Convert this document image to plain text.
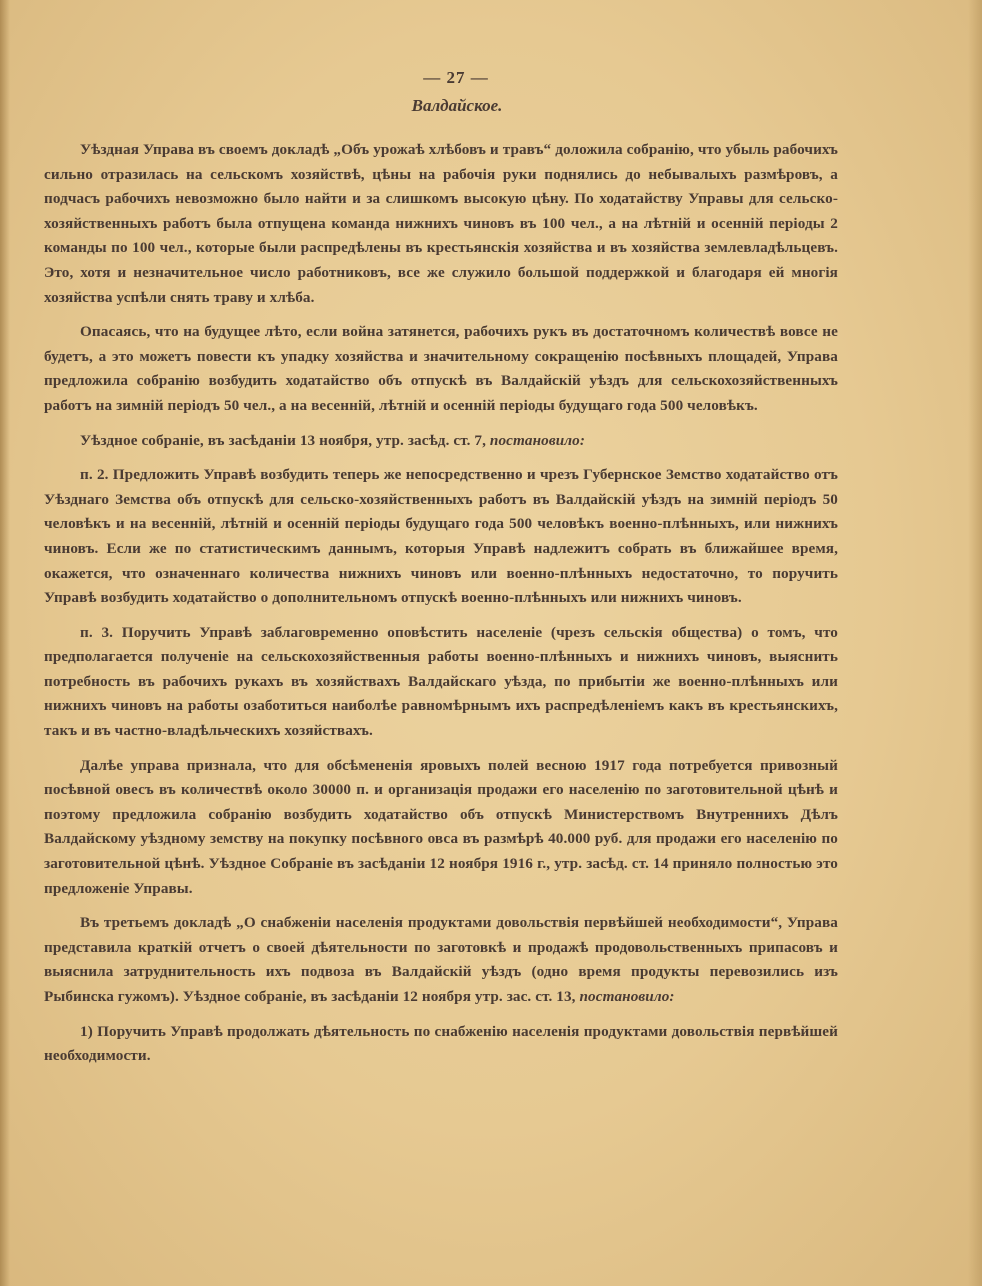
— 27 —
Валдайское.

Уѣздная Управа въ своемъ докладѣ „Объ урожаѣ хлѣбовъ и травъ“ доложила собранію, что убыль рабочихъ сильно отразилась на сельскомъ хозяйствѣ, цѣны на рабочія руки поднялись до небывалыхъ размѣровъ, а подчасъ рабочихъ невозможно было найти и за слишкомъ высокую цѣну. По ходатайству Управы для сельско-хозяйственныхъ работъ была отпущена команда нижнихъ чиновъ въ 100 чел., а на лѣтній и осенній періоды 2 команды по 100 чел., которые были распредѣлены въ крестьянскія хозяйства и въ хозяйства землевладѣльцевъ. Это, хотя и незначительное число работниковъ, все же служило большой поддержкой и благодаря ей многія хозяйства успѣли снять траву и хлѣба.

Опасаясь, что на будущее лѣто, если война затянется, рабочихъ рукъ въ достаточномъ количествѣ вовсе не будетъ, а это можетъ повести къ упадку хозяйства и значительному сокращенію посѣвныхъ площадей, Управа предложила собранію возбудить ходатайство объ отпускѣ въ Валдайскій уѣздъ для сельскохозяйственныхъ работъ на зимній періодъ 50 чел., а на весенній, лѣтній и осенній періоды будущаго года 500 человѣкъ.

Уѣздное собраніе, въ засѣданіи 13 ноября, утр. засѣд. ст. 7, постановило:

п. 2. Предложить Управѣ возбудить теперь же непосредственно и чрезъ Губернское Земство ходатайство отъ Уѣзднаго Земства объ отпускѣ для сельско-хозяйственныхъ работъ въ Валдайскій уѣздъ на зимній періодъ 50 человѣкъ и на весенній, лѣтній и осенній періоды будущаго года 500 человѣкъ военно-плѣнныхъ, или нижнихъ чиновъ. Если же по статистическимъ даннымъ, которыя Управѣ надлежитъ собрать въ ближайшее время, окажется, что означеннаго количества нижнихъ чиновъ или военно-плѣнныхъ недостаточно, то поручить Управѣ возбудить ходатайство о дополнительномъ отпускѣ военно-плѣнныхъ или нижнихъ чиновъ.

п. 3. Поручить Управѣ заблаговременно оповѣстить населеніе (чрезъ сельскія общества) о томъ, что предполагается полученіе на сельскохозяйственныя работы военно-плѣнныхъ и нижнихъ чиновъ, выяснить потребность въ рабочихъ рукахъ въ хозяйствахъ Валдайскаго уѣзда, по прибытіи же военно-плѣнныхъ или нижнихъ чиновъ на работы озаботиться наиболѣе равномѣрнымъ ихъ распредѣленіемъ какъ въ крестьянскихъ, такъ и въ частно-владѣльческихъ хозяйствахъ.

Далѣе управа признала, что для обсѣмененія яровыхъ полей весною 1917 года потребуется привозный посѣвной овесъ въ количествѣ около 30000 п. и организація продажи его населенію по заготовительной цѣнѣ и поэтому предложила собранію возбудить ходатайство объ отпускѣ Министерствомъ Внутреннихъ Дѣлъ Валдайскому уѣздному земству на покупку посѣвного овса въ размѣрѣ 40.000 руб. для продажи его населенію по заготовительной цѣнѣ. Уѣздное Собраніе въ засѣданіи 12 ноября 1916 г., утр. засѣд. ст. 14 приняло полностью это предложеніе Управы.

Въ третьемъ докладѣ „О снабженіи населенія продуктами довольствія первѣйшей необходимости“, Управа представила краткій отчетъ о своей дѣятельности по заготовкѣ и продажѣ продовольственныхъ припасовъ и выяснила затруднительность ихъ подвоза въ Валдайскій уѣздъ (одно время продукты перевозились изъ Рыбинска гужомъ). Уѣздное собраніе, въ засѣданіи 12 ноября утр. зас. ст. 13, постановило:

1) Поручить Управѣ продолжать дѣятельность по снабженію населенія продуктами довольствія первѣйшей необходимости.
